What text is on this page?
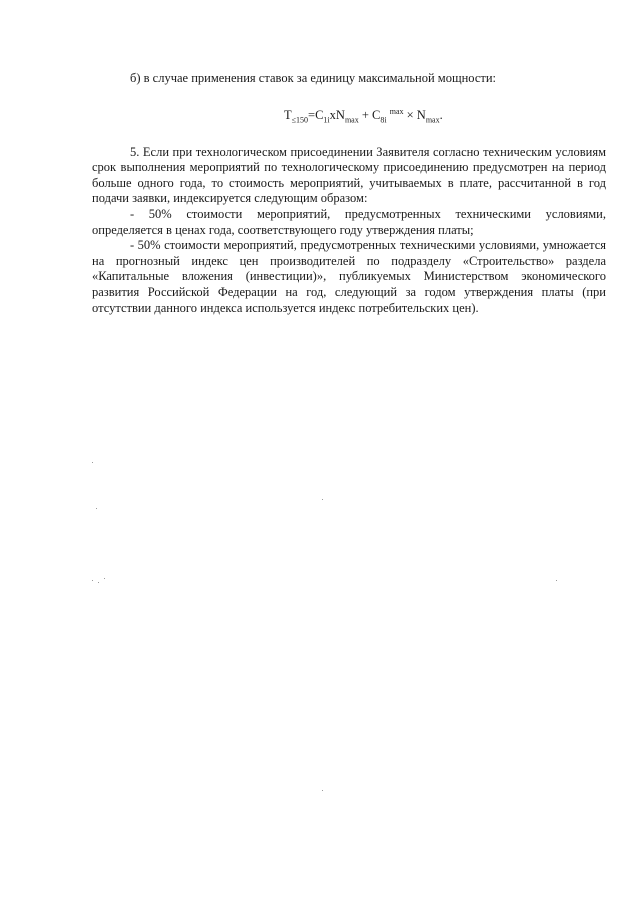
б) в случае применения ставок за единицу максимальной мощности:

$T_{\le 150}=C_{1i}xN_{max} + C_{8i}$ $^{max} \times N_{max}$.

5. Если при технологическом присоединении Заявителя согласно техническим условиям срок выполнения мероприятий по технологическому присоединению предусмотрен на период больше одного года, то стоимость мероприятий, учитываемых в плате, рассчитанной в год подачи заявки, индексируется следующим образом:

- 50% стоимости мероприятий, предусмотренных техническими условиями, определяется в ценах года, соответствующего году утверждения платы;

- 50% стоимости мероприятий, предусмотренных техническими условиями, умножается на прогнозный индекс цен производителей по подразделу «Строительство» раздела «Капитальные вложения (инвестиции)», публикуемых Министерством экономического развития Российской Федерации на год, следующий за годом утверждения платы (при отсутствии данного индекса используется индекс потребительских цен).
